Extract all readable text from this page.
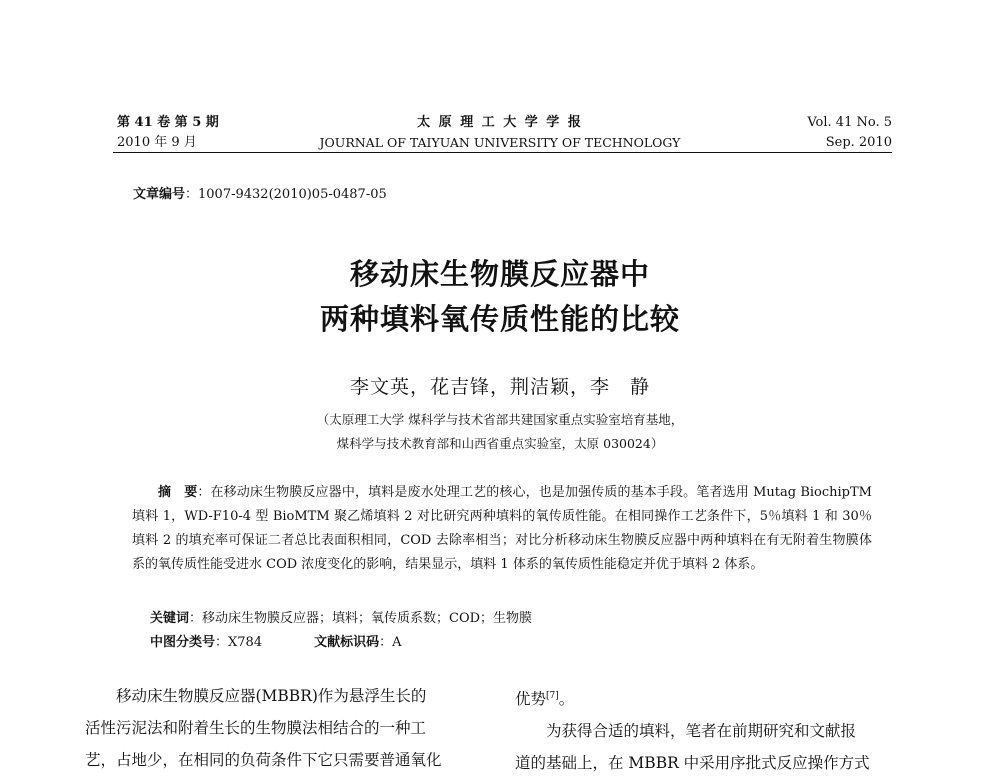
第 41 卷 第 5 期
2010 年 9 月
太 原 理 工 大 学 学 报
JOURNAL OF TAIYUAN UNIVERSITY OF TECHNOLOGY
Vol. 41 No. 5
Sep. 2010
文章编号：1007-9432(2010)05-0487-05
移动床生物膜反应器中
两种填料氧传质性能的比较
李文英，花吉锋，荆洁颖，李　静
（太原理工大学 煤科学与技术省部共建国家重点实验室培育基地，
煤科学与技术教育部和山西省重点实验室，太原 030024）
摘　要：在移动床生物膜反应器中，填料是废水处理工艺的核心，也是加强传质的基本手段。笔者选用 Mutag BiochipTM 填料 1，WD-F10-4 型 BioMTM 聚乙烯填料 2 对比研究两种填料的氧传质性能。在相同操作工艺条件下，5％填料 1 和 30％填料 2 的填充率可保证二者总比表面积相同，COD 去除率相当；对比分析移动床生物膜反应器中两种填料在有无附着生物膜体系的氧传质性能受进水 COD 浓度变化的影响，结果显示，填料 1 体系的氧传质性能稳定并优于填料 2 体系。
关键词：移动床生物膜反应器；填料；氧传质系数；COD；生物膜
中图分类号：X784	文献标识码：A
　　移动床生物膜反应器(MBBR)作为悬浮生长的
活性污泥法和附着生长的生物膜法相结合的一种工
艺，占地少，在相同的负荷条件下它只需要普通氧化
优势[7]。
　　为获得合适的填料，笔者在前期研究和文献报
道的基础上，在 MBBR 中采用序批式反应操作方式
